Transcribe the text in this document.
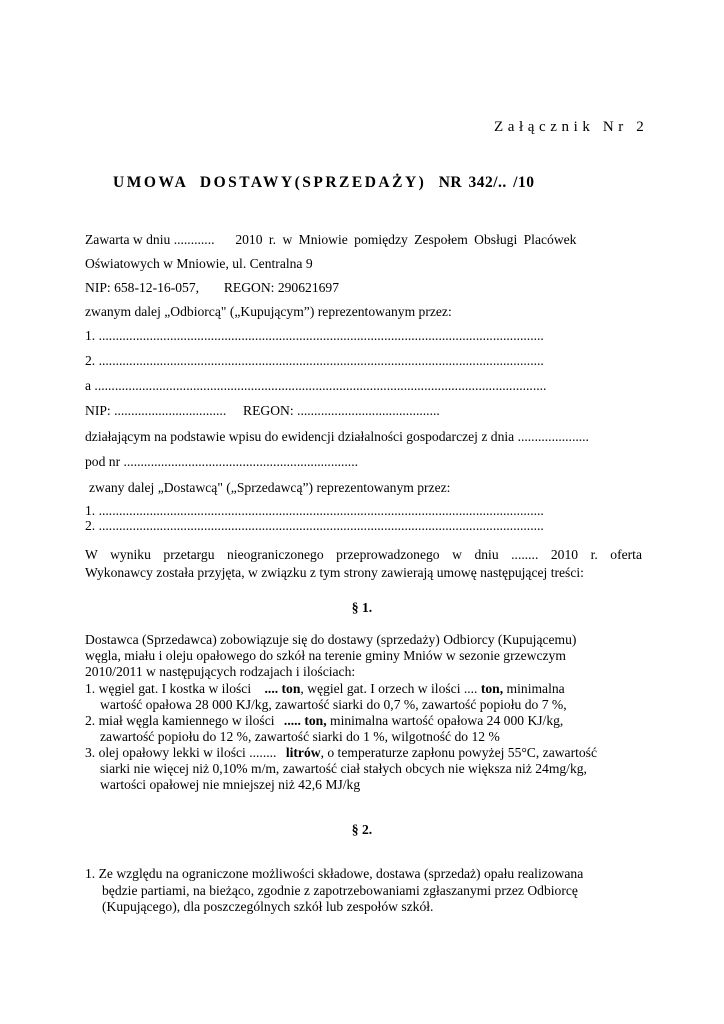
Załącznik Nr 2
UMOWA DOSTAWY(SPRZEDAŻY) NR 342/.. /10
Zawarta w dniu ............ 2010 r. w Mniowie pomiędzy Zespołem Obsługi Placówek
Oświatowych w Mniowie, ul. Centralna 9
NIP: 658-12-16-057, REGON: 290621697
zwanym dalej „Odbiorcą" („Kupującym”) reprezentowanym przez:
1. ...................................................................................................................................
2. ...................................................................................................................................
a .....................................................................................................................................
NIP: ................................. REGON: ..........................................
działającym na podstawie wpisu do ewidencji działalności gospodarczej z dnia .....................
pod nr .....................................................................
zwany dalej „Dostawcą" („Sprzedawcą”) reprezentowanym przez:
1. ...................................................................................................................................
2. ...................................................................................................................................
W wyniku przetargu nieograniczonego przeprowadzonego w dniu ........ 2010 r. oferta
Wykonawcy została przyjęta, w związku z tym strony zawierają umowę następującej treści:
§ 1.
Dostawca (Sprzedawca) zobowiązuje się do dostawy (sprzedaży) Odbiorcy (Kupującemu)
węgla, miału i oleju opałowego do szkół na terenie gminy Mniów w sezonie grzewczym
2010/2011 w następujących rodzajach i ilościach:
1. węgiel gat. I kostka w ilości .... ton, węgiel gat. I orzech w ilości .... ton, minimalna
wartość opałowa 28 000 KJ/kg, zawartość siarki do 0,7 %, zawartość popiołu do 7 %,
2. miał węgla kamiennego w ilości ..... ton, minimalna wartość opałowa 24 000 KJ/kg,
zawartość popiołu do 12 %, zawartość siarki do 1 %, wilgotność do 12 %
3. olej opałowy lekki w ilości ........ litrów, o temperaturze zapłonu powyżej 55°C, zawartość
siarki nie więcej niż 0,10% m/m, zawartość ciał stałych obcych nie większa niż 24mg/kg,
wartości opałowej nie mniejszej niż 42,6 MJ/kg
§ 2.
1. Ze względu na ograniczone możliwości składowe, dostawa (sprzedaż) opału realizowana
będzie partiami, na bieżąco, zgodnie z zapotrzebowaniami zgłaszanymi przez Odbiorcę
(Kupującego), dla poszczególnych szkół lub zespołów szkół.
